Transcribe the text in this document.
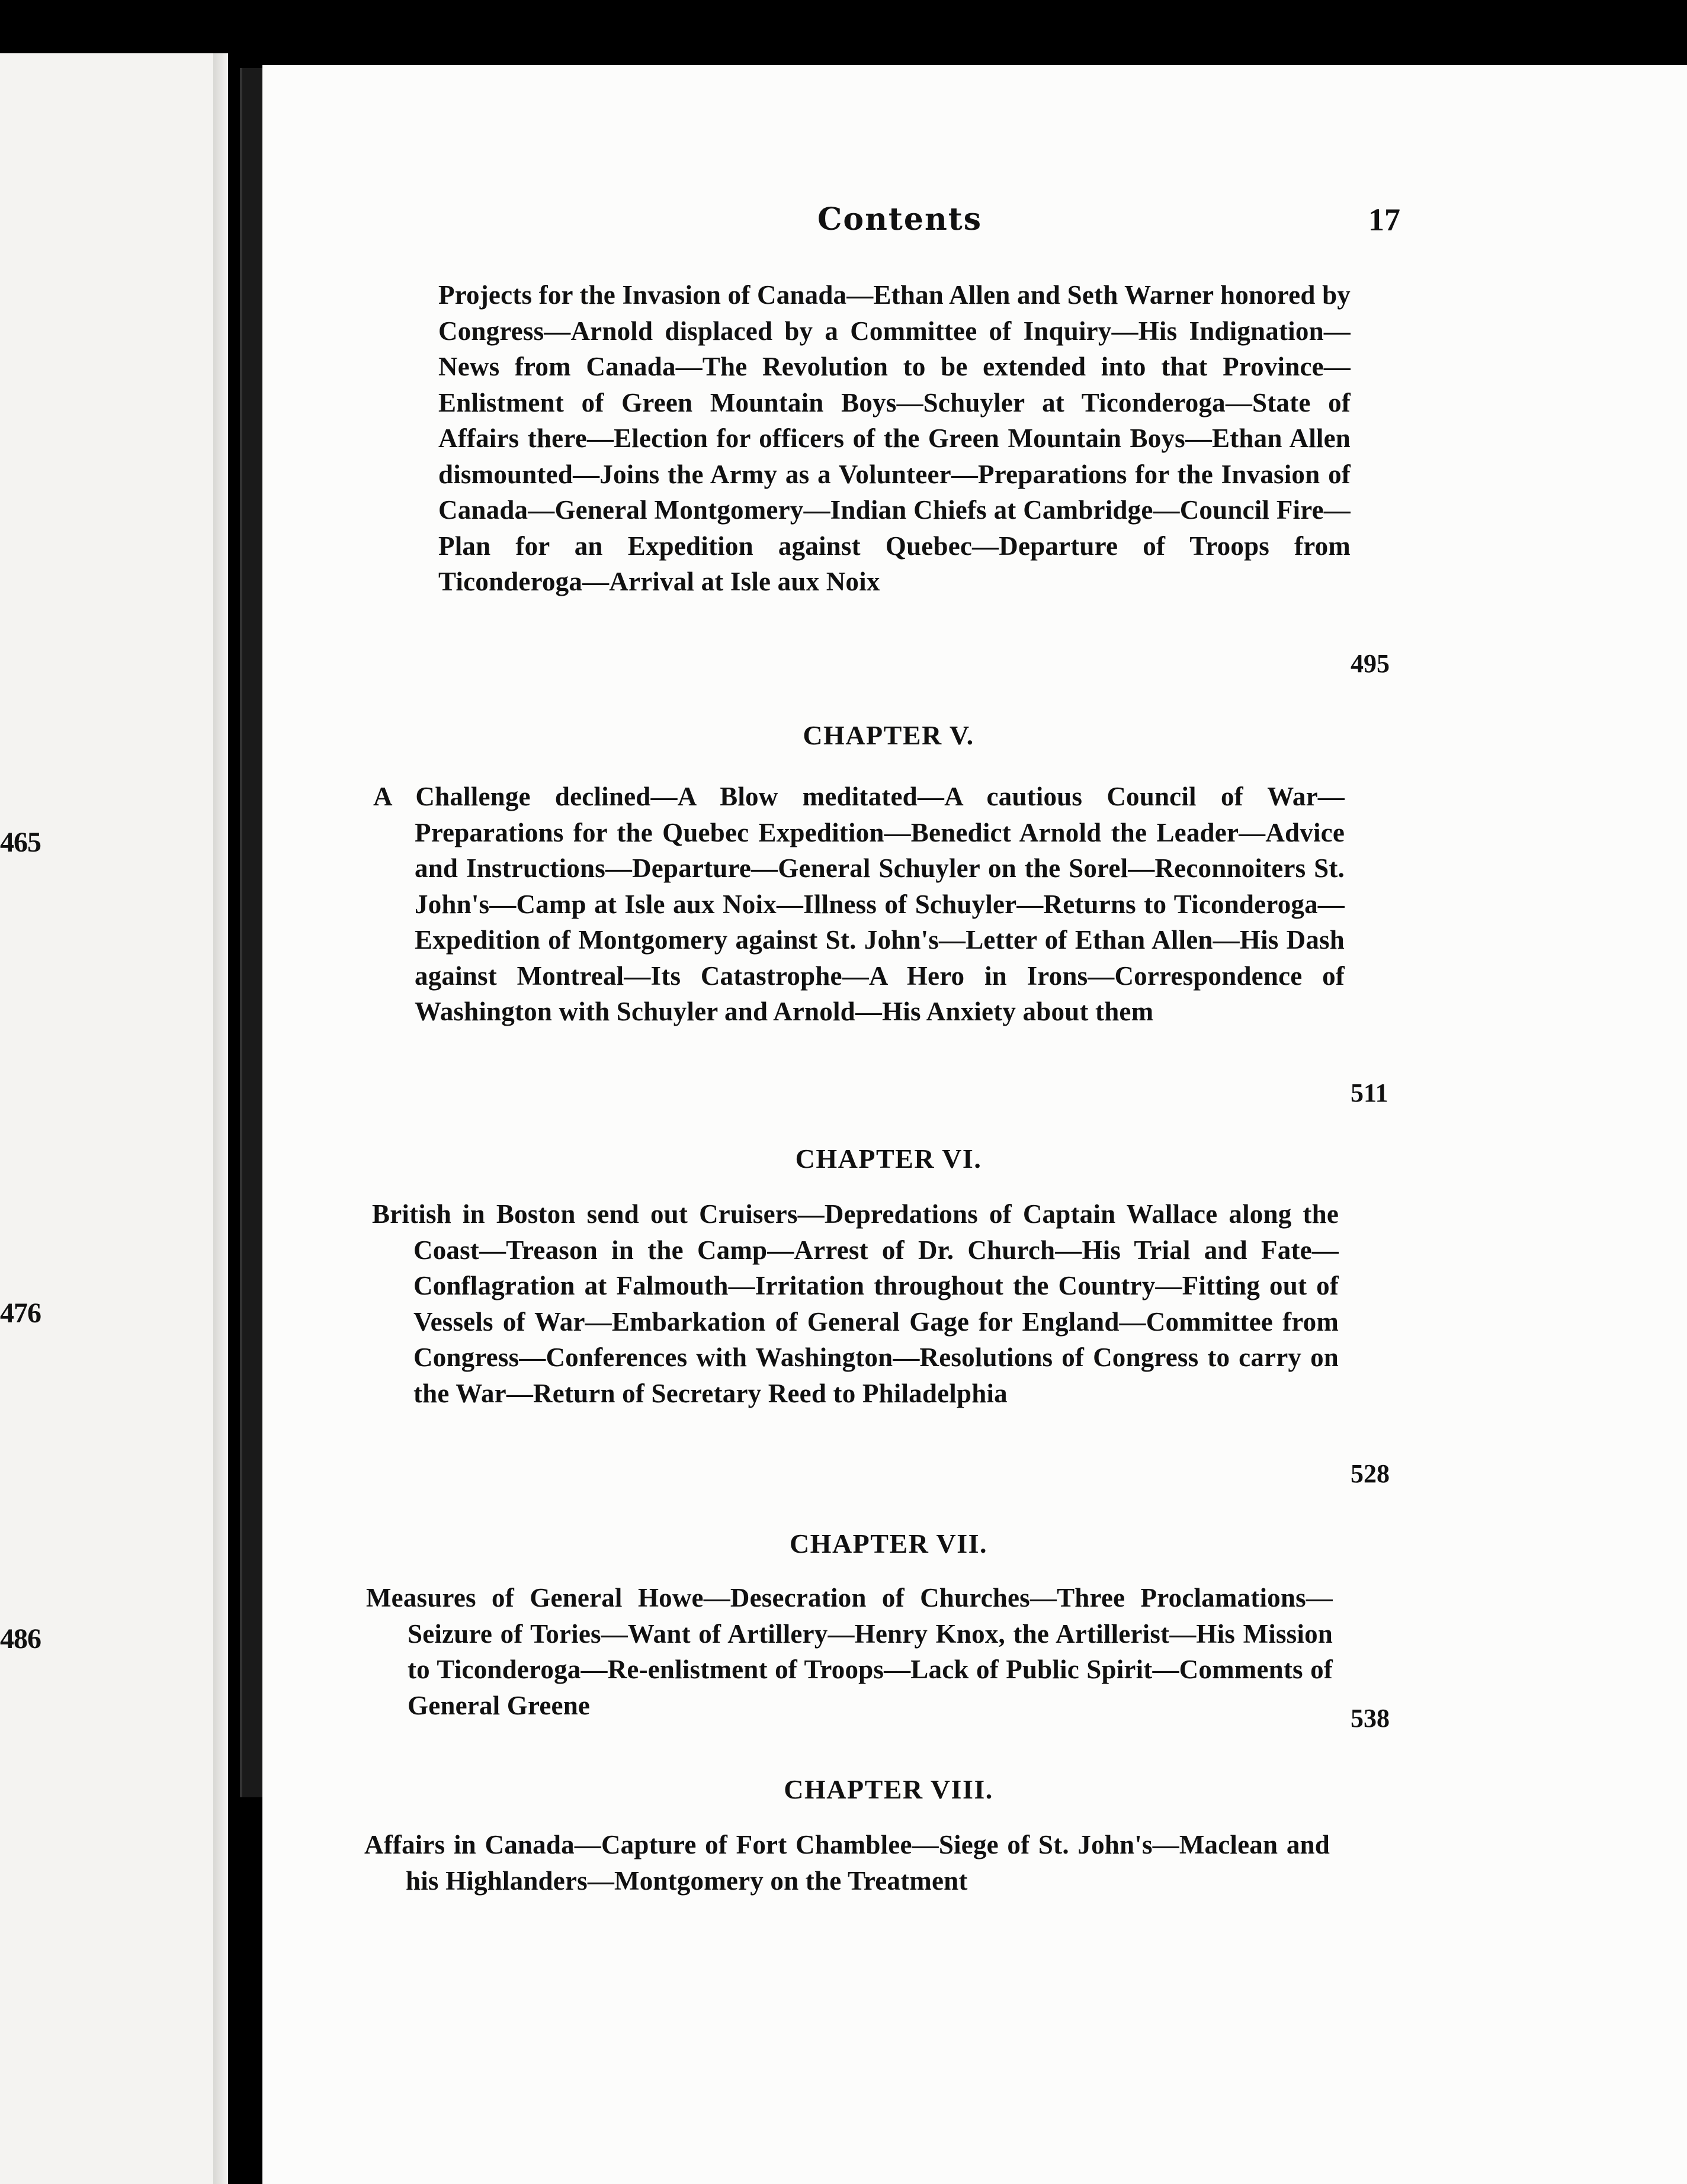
465
476
486
Contents	17
Projects for the Invasion of Canada—Ethan Allen and Seth Warner honored by Congress—Arnold displaced by a Committee of Inquiry—His Indignation—News from Canada—The Revolution to be extended into that Province—Enlistment of Green Mountain Boys—Schuyler at Ticonderoga—State of Affairs there—Election for officers of the Green Mountain Boys—Ethan Allen dismounted—Joins the Army as a Volunteer—Preparations for the Invasion of Canada—General Montgomery—Indian Chiefs at Cambridge—Council Fire—Plan for an Expedition against Quebec—Departure of Troops from Ticonderoga—Arrival at Isle aux Noix
495
CHAPTER V.
A Challenge declined—A Blow meditated—A cautious Council of War—Preparations for the Quebec Expedition—Benedict Arnold the Leader—Advice and Instructions—Departure—General Schuyler on the Sorel—Reconnoiters St. John's—Camp at Isle aux Noix—Illness of Schuyler—Returns to Ticonderoga—Expedition of Montgomery against St. John's—Letter of Ethan Allen—His Dash against Montreal—Its Catastrophe—A Hero in Irons—Correspondence of Washington with Schuyler and Arnold—His Anxiety about them
511
CHAPTER VI.
British in Boston send out Cruisers—Depredations of Captain Wallace along the Coast—Treason in the Camp—Arrest of Dr. Church—His Trial and Fate—Conflagration at Falmouth—Irritation throughout the Country—Fitting out of Vessels of War—Embarkation of General Gage for England—Committee from Congress—Conferences with Washington—Resolutions of Congress to carry on the War—Return of Secretary Reed to Philadelphia
528
CHAPTER VII.
Measures of General Howe—Desecration of Churches—Three Proclamations—Seizure of Tories—Want of Artillery—Henry Knox, the Artillerist—His Mission to Ticonderoga—Re-enlistment of Troops—Lack of Public Spirit—Comments of General Greene	538
CHAPTER VIII.
Affairs in Canada—Capture of Fort Chamblee—Siege of St. John's—Maclean and his Highlanders—Montgomery on the Treatment
